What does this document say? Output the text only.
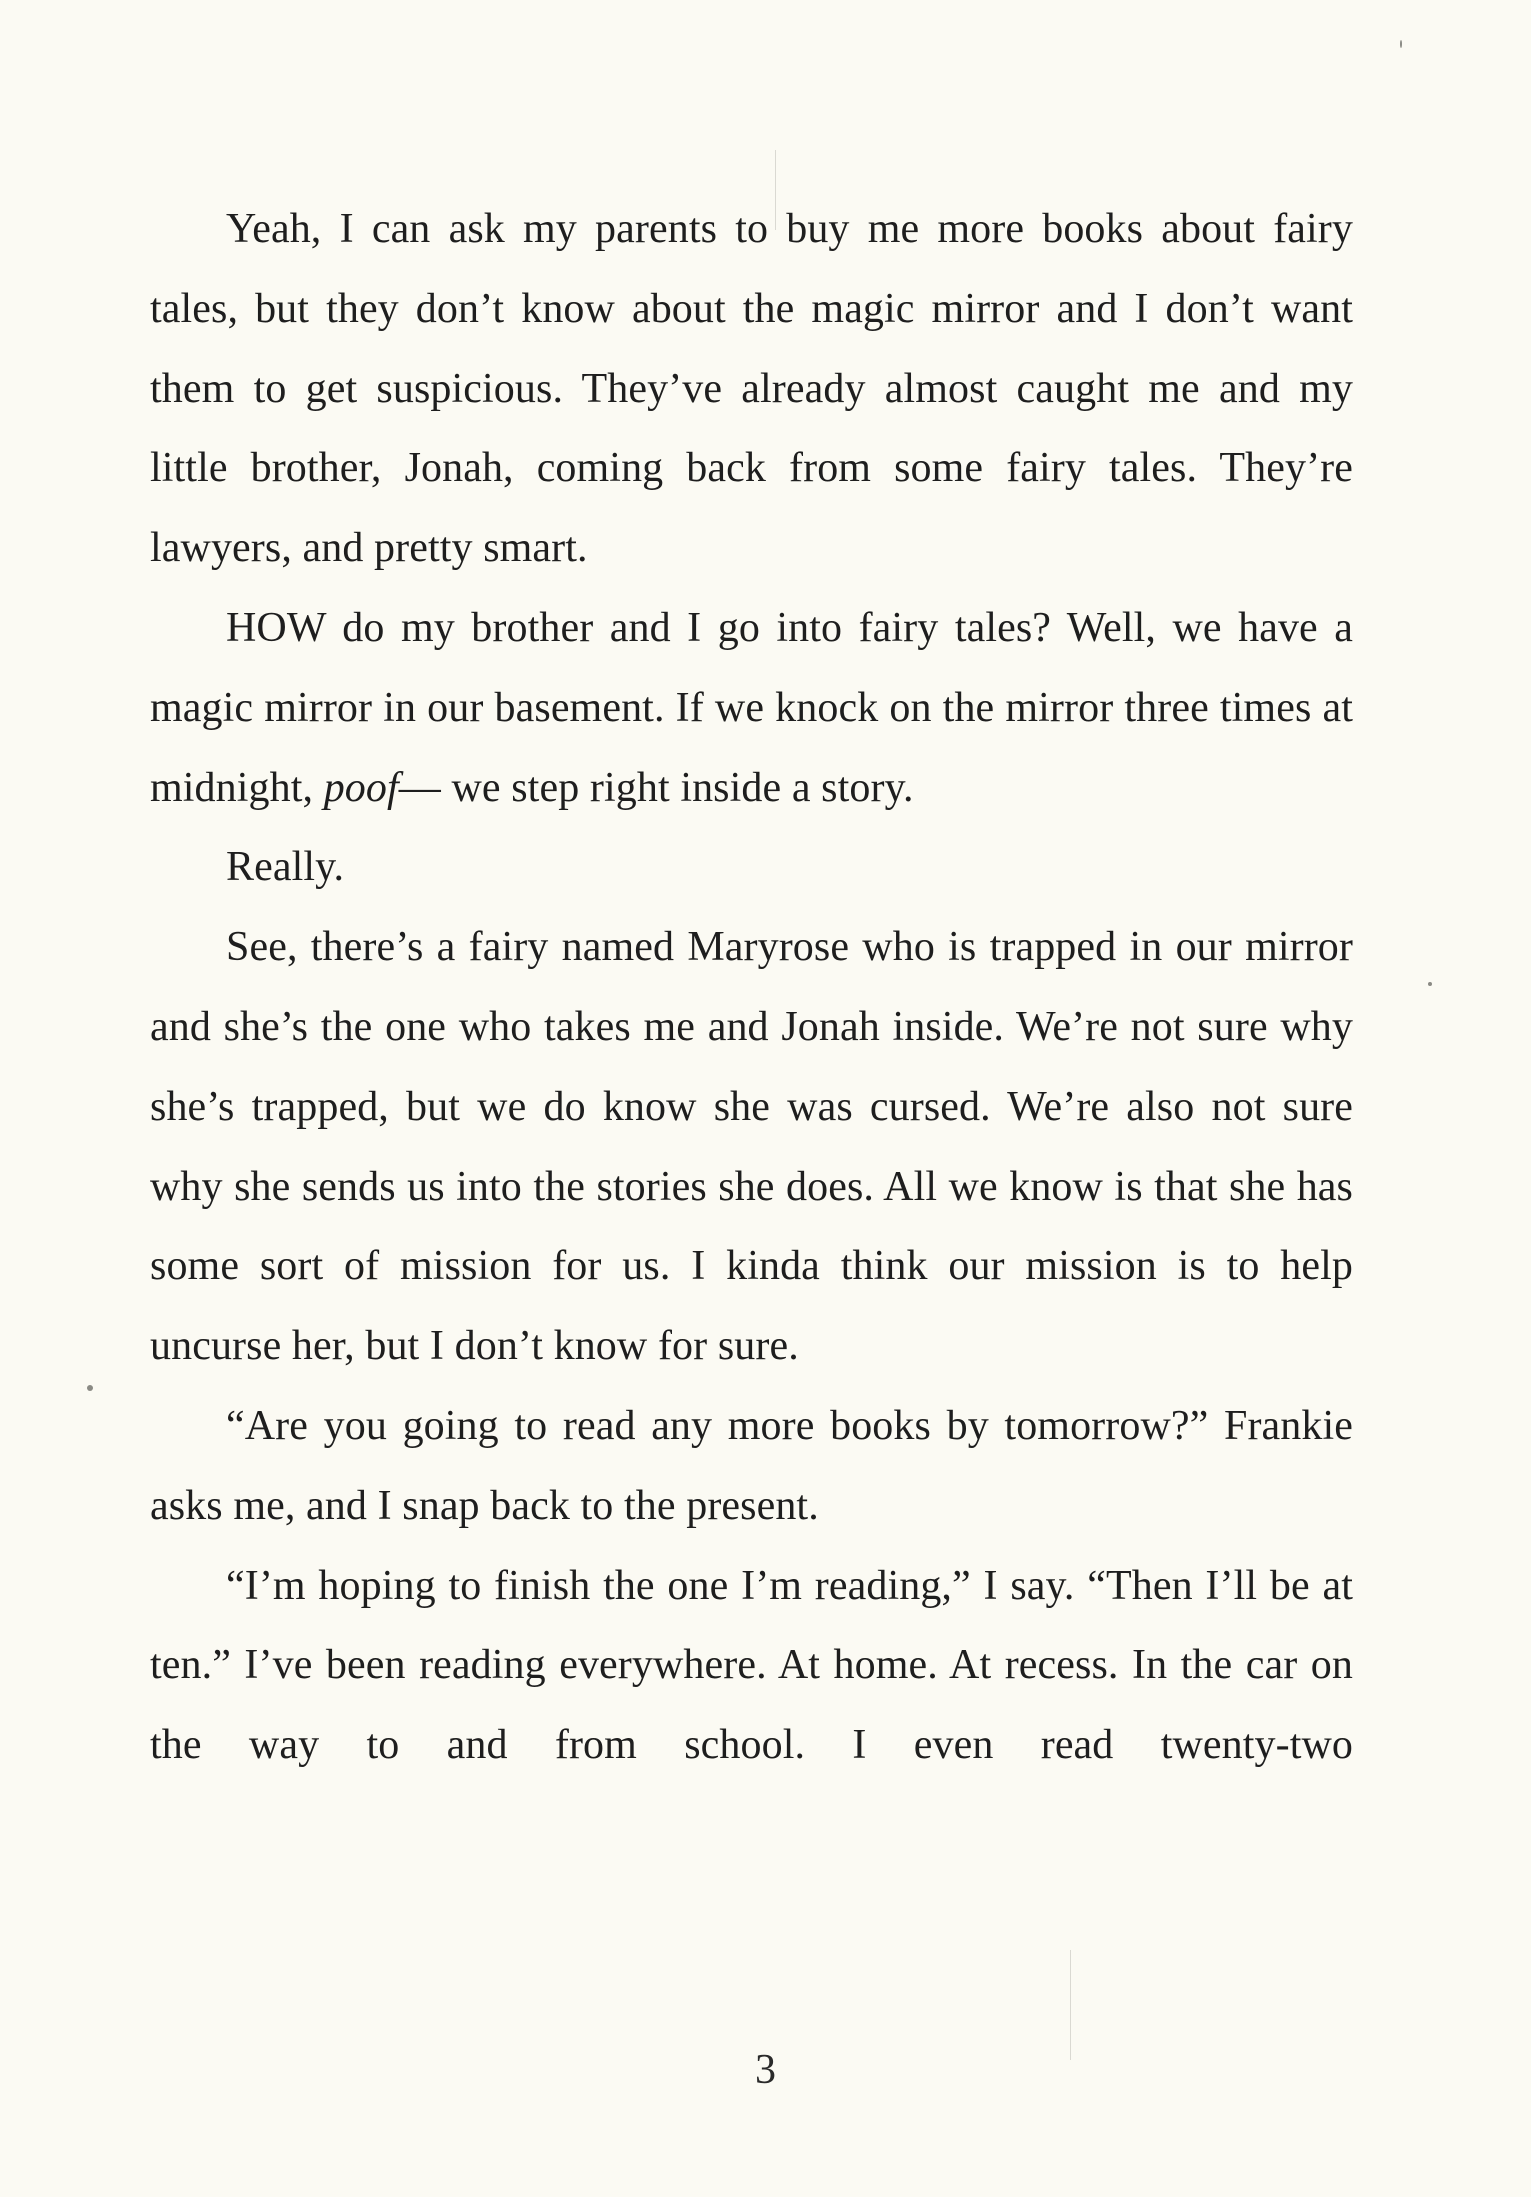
Yeah, I can ask my parents to buy me more books about fairy tales, but they don’t know about the magic mirror and I don’t want them to get suspicious. They’ve already almost caught me and my little brother, Jonah, coming back from some fairy tales. They’re lawyers, and pretty smart.

HOW do my brother and I go into fairy tales? Well, we have a magic mirror in our basement. If we knock on the mirror three times at midnight, poof— we step right inside a story.

Really.

See, there’s a fairy named Maryrose who is trapped in our mirror and she’s the one who takes me and Jonah inside. We’re not sure why she’s trapped, but we do know she was cursed. We’re also not sure why she sends us into the stories she does. All we know is that she has some sort of mission for us. I kinda think our mission is to help uncurse her, but I don’t know for sure.

“Are you going to read any more books by tomorrow?” Frankie asks me, and I snap back to the present.

“I’m hoping to finish the one I’m reading,” I say. “Then I’ll be at ten.” I’ve been reading everywhere. At home. At recess. In the car on the way to and from school. I even read twenty-two

3
